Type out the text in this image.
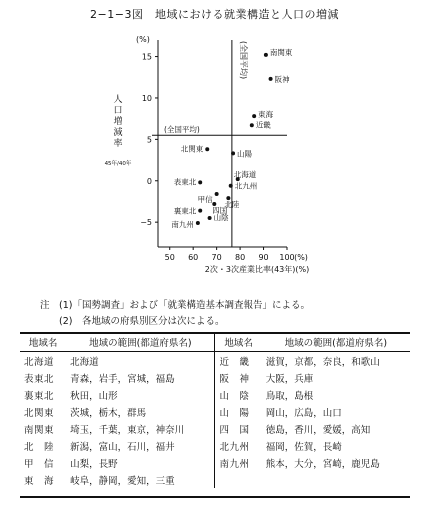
2−1−3図　地域における就業構造と人口の増減
50 60 70 80 90 100 (%)
15
10
5
0
−5
(%)
人
口
増
減
率
45年/40年
2次・3次産業比率(43年)(%)
(全国平均)
(全国平均)
南関東
阪神
東海
近畿
北関東
山陽
北海道
北九州
表東北
甲信
北陸
四国
裏東北
山陰
南九州
注　(1)「国勢調査」および「就業構造基本調査報告」による。
　　(2)　各地域の府県別区分は次による。
地域名	地域の範囲(都道府県名)	地域名	地域の範囲(都道府県名)
北海道	北海道	近　畿	滋賀，京都，奈良，和歌山
表東北	青森，岩手，宮城，福島	阪　神	大阪，兵庫
裏東北	秋田，山形	山　陰	鳥取，島根
北関東	茨城，栃木，群馬	山　陽	岡山，広島，山口
南関東	埼玉，千葉，東京，神奈川	四　国	徳島，香川，愛媛，高知
北　陸	新潟，富山，石川，福井	北九州	福岡，佐賀，長崎
甲　信	山梨，長野	南九州	熊本，大分，宮崎，鹿児島
東　海	岐阜，静岡，愛知，三重		
